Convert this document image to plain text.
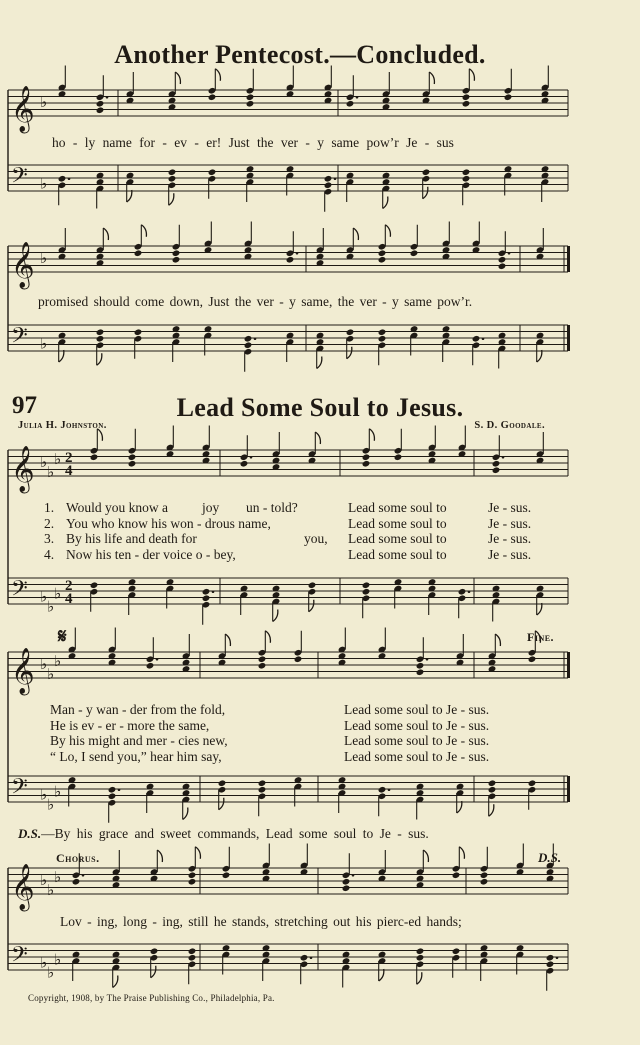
Another Pentecost.—Concluded.
𝄞 ♭
𝄢 ♭
𝄞 ♭
𝄢 ♭
𝄞 ♭
♭
♭ 2
4
𝄢 ♭
♭
♭ 2
4
𝄞 ♭
♭
♭
𝄢 ♭
♭
♭
𝄞 ♭
♭
♭
𝄢 ♭
♭
♭
ho - ly name for - ev - er! Just the ver - y same pow’r Je - sus
promised should come down, Just the ver - y same, the ver - y same pow’r.
97	Lead Some Soul to Jesus.
Julia H. Johnston.	S. D. Goodale.
1. Would you know a	joy	un - told?	Lead some soul to	Je - sus.
2. You who know his won - drous name,	Lead some soul to	Je - sus.
3. By his life and death for	you,	Lead some soul to	Je - sus.
4. Now his ten - der voice o - bey,	Lead some soul to	Je - sus.
𝄋	Fine.
Man - y wan - der from the fold,	Lead some soul to Je - sus.
He is ev - er - more the same,	Lead some soul to Je - sus.
By his might and mer - cies new,	Lead some soul to Je - sus.
“ Lo, I send you,” hear him say,	Lead some soul to Je - sus.
D.S.—By his grace and sweet commands, Lead some soul to Je - sus.
Chorus.	D.S.
Lov - ing, long - ing, still he stands, stretching out his pierc-ed hands;
Copyright, 1908, by The Praise Publishing Co., Philadelphia, Pa.
